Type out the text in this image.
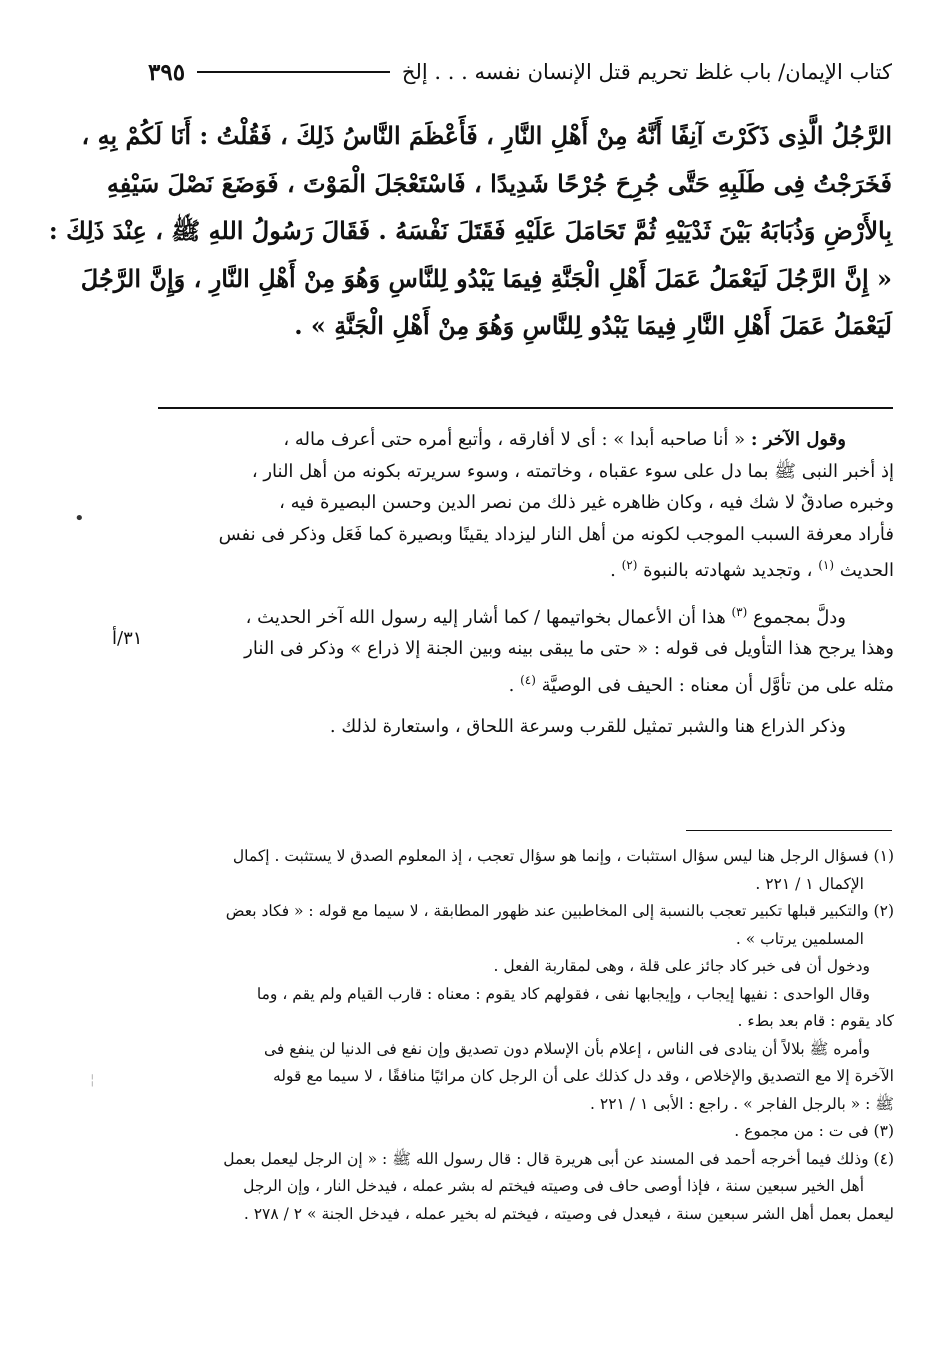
كتاب الإيمان/ باب غلظ تحريم قتل الإنسان نفسه . . . إلخ
٣٩٥
الرَّجُلُ الَّذِى ذَكَرْتَ آنِفًا أَنَّهُ مِنْ أَهْلِ النَّارِ ، فَأَعْظَمَ النَّاسُ ذَلِكَ ، فَقُلْتُ : أَنَا لَكُمْ بِهِ ،
فَخَرَجْتُ فِى طَلَبِهِ حَتَّى جُرِحَ جُرْحًا شَدِيدًا ، فَاسْتَعْجَلَ الْمَوْتَ ، فَوَضَعَ نَصْلَ سَيْفِهِ
بِالأَرْضِ وَذُبَابَهُ بَيْنَ ثَدْيَيْهِ ثُمَّ تَحَامَلَ عَلَيْهِ فَقَتَلَ نَفْسَهُ . فَقَالَ رَسُولُ اللهِ ﷺ ، عِنْدَ ذَلِكَ :
« إِنَّ الرَّجُلَ لَيَعْمَلُ عَمَلَ أَهْلِ الْجَنَّةِ فِيمَا يَبْدُو لِلنَّاسِ وَهُوَ مِنْ أَهْلِ النَّارِ ، وَإِنَّ الرَّجُلَ
لَيَعْمَلُ عَمَلَ أَهْلِ النَّارِ فِيمَا يَبْدُو لِلنَّاسِ وَهُوَ مِنْ أَهْلِ الْجَنَّةِ » .

وقول الآخر : « أنا صاحبه أبدا » : أى لا أفارقه ، وأتبع أمره حتى أعرف ماله ،

إذ أخبر النبى ﷺ بما دل على سوء عقباه ، وخاتمته ، وسوء سريرته بكونه من أهل النار ،

وخبره صادقٌ لا شك فيه ، وكان ظاهره غير ذلك من نصر الدين وحسن البصيرة فيه ،

فأراد معرفة السبب الموجب لكونه من أهل النار ليزداد يقينًا وبصيرة كما فَعَل وذكر فى نفس

الحديث $^{(١)}$ ، وتجديد شهادته بالنبوة $^{(٢)}$ .

ودلَّ بمجموع $^{(٣)}$ هذا أن الأعمال بخواتيمها / كما أشار إليه رسول الله آخر الحديث ،

وهذا يرجح هذا التأويل فى قوله : « حتى ما يبقى بينه وبين الجنة إلا ذراع » وذكر فى النار

مثله على من تأوَّل أن معناه : الحيف فى الوصيَّة $^{(٤)}$ .

وذكر الذراع هنا والشبر تمثيل للقرب وسرعة اللحاق ، واستعارة لذلك .

٣١/أ
•
¦

(١) فسؤال الرجل هنا ليس سؤال استثبات ، وإنما هو سؤال تعجب ، إذ المعلوم الصدق لا يستثبت . إكمال

الإكمال ١ / ٢٢١ .

(٢) والتكبير قبلها تكبير تعجب بالنسبة إلى المخاطبين عند ظهور المطابقة ، لا سيما مع قوله : « فكاد بعض

المسلمين يرتاب » .

ودخول أن فى خبر كاد جائز على قلة ، وهى لمقاربة الفعل .

وقال الواحدى : نفيها إيجاب ، وإيجابها نفى ، فقولهم كاد يقوم : معناه : قارب القيام ولم يقم ، وما

كاد يقوم : قام بعد بطء .

وأمره ﷺ بلالاً أن ينادى فى الناس ، إعلام بأن الإسلام دون تصديق وإن نفع فى الدنيا لن ينفع فى

الآخرة إلا مع التصديق والإخلاص ، وقد دل كذلك على أن الرجل كان مرائيًا منافقًا ، لا سيما مع قوله

ﷺ : « بالرجل الفاجر » . راجع : الأبى ١ / ٢٢١ .

(٣) فى ت : من مجموع .

(٤) وذلك فيما أخرجه أحمد فى المسند عن أبى هريرة قال : قال رسول الله ﷺ : « إن الرجل ليعمل بعمل

أهل الخير سبعين سنة ، فإذا أوصى حاف فى وصيته فيختم له بشر عمله ، فيدخل النار ، وإن الرجل

ليعمل بعمل أهل الشر سبعين سنة ، فيعدل فى وصيته ، فيختم له بخير عمله ، فيدخل الجنة » ٢ / ٢٧٨ .
